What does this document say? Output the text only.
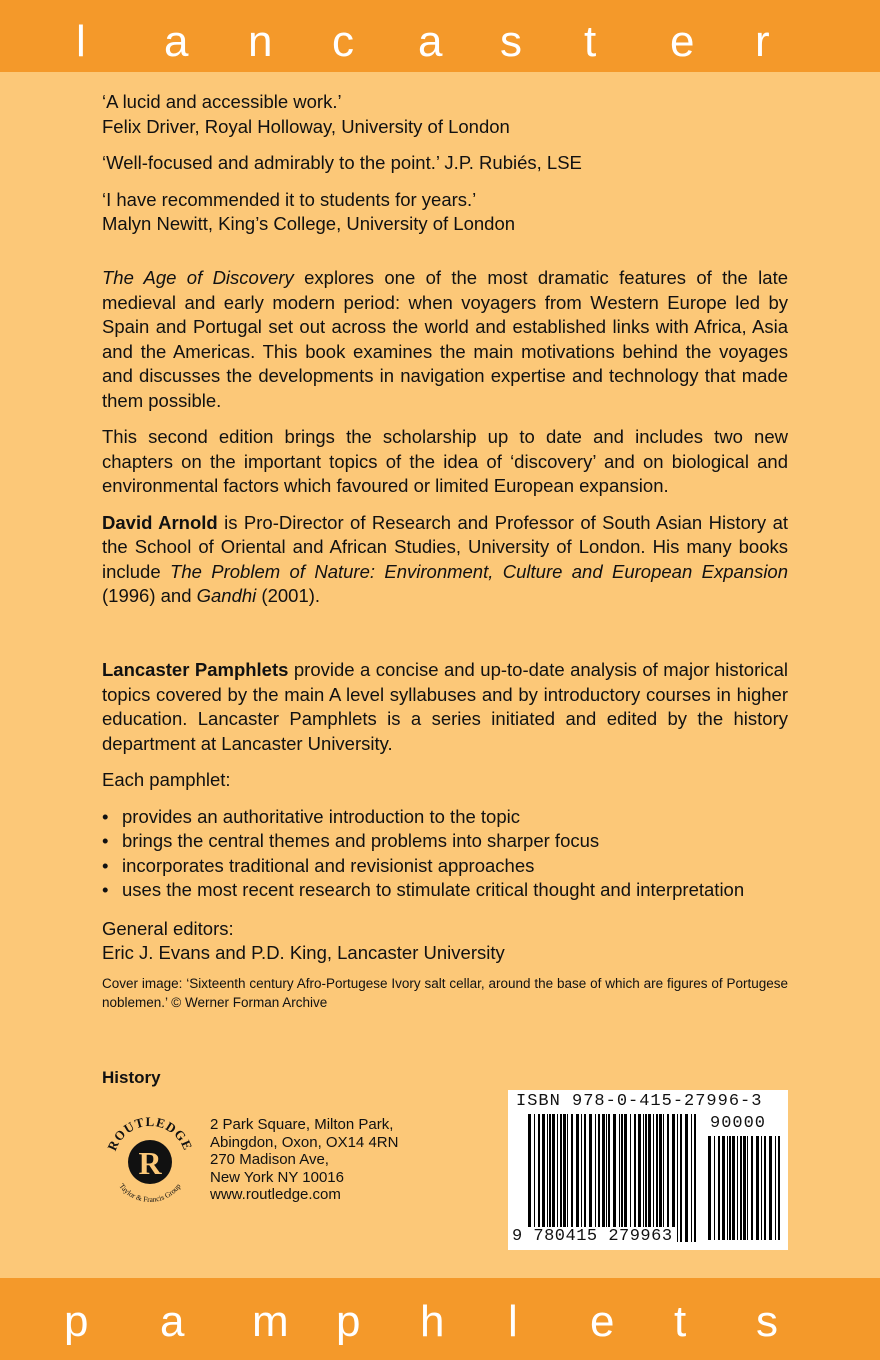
l a n c a s t e r

‘A lucid and accessible work.’

Felix Driver, Royal Holloway, University of London

‘Well-focused and admirably to the point.’ J.P. Rubiés, LSE

‘I have recommended it to students for years.’

Malyn Newitt, King’s College, University of London

The Age of Discovery explores one of the most dramatic features of the late medieval and early modern period: when voyagers from Western Europe led by Spain and Portugal set out across the world and established links with Africa, Asia and the Americas. This book examines the main motivations behind the voyages and discusses the developments in navigation expertise and technology that made them possible.

This second edition brings the scholarship up to date and includes two new chapters on the important topics of the idea of ‘discovery’ and on biological and environmental factors which favoured or limited European expansion.

David Arnold is Pro-Director of Research and Professor of South Asian History at the School of Oriental and African Studies, University of London. His many books include The Problem of Nature: Environment, Culture and European Expansion (1996) and Gandhi (2001).

Lancaster Pamphlets provide a concise and up-to-date analysis of major historical topics covered by the main A level syllabuses and by introductory courses in higher education. Lancaster Pamphlets is a series initiated and edited by the history department at Lancaster University.

Each pamphlet:

• provides an authoritative introduction to the topic
• brings the central themes and problems into sharper focus
• incorporates traditional and revisionist approaches
• uses the most recent research to stimulate critical thought and interpretation

General editors:

Eric J. Evans and P.D. King, Lancaster University

Cover image: ‘Sixteenth century Afro-Portugese Ivory salt cellar, around the base of which are figures of Portugese noblemen.’ © Werner Forman Archive

History
R
ROUTLEDGE
Taylor & Francis Group
2 Park Square, Milton Park,
Abingdon, Oxon, OX14 4RN
270 Madison Ave,
New York NY 10016
www.routledge.com
ISBN 978-0-415-27996-3
90000
9 780415 279963
p a m p h l e t s
